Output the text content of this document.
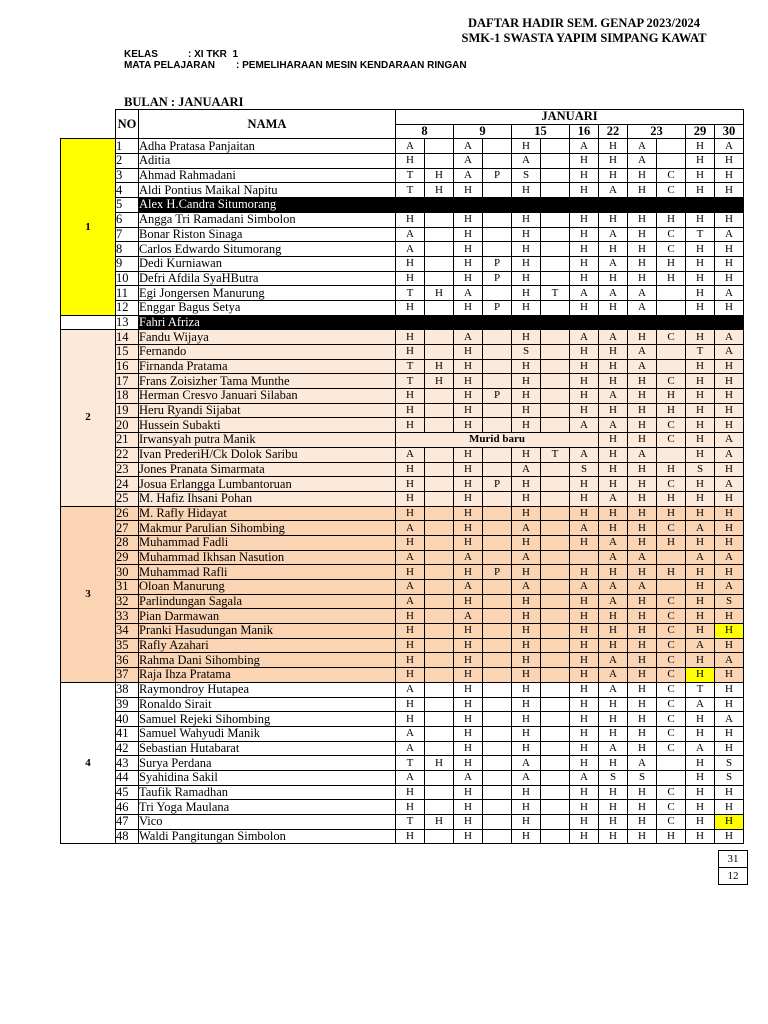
DAFTAR HADIR SEM. GENAP 2023/2024
SMK-1 SWASTA YAPIM SIMPANG KAWAT
KELAS	: XI TKR  1
MATA PELAJARAN : PEMELIHARAAN MESIN KENDARAAN RINGAN
BULAN : JANUAARI
	NO	NAMA	JANUARI											
			8		9		15		16	22	23		29	30
1	1	Adha Pratasa Panjaitan	A		A		H		A	H	A		H	A
	2	Aditia	H		A		A		H	H	A		H	H
	3	Ahmad Rahmadani	T	H	A	P	S		H	H	H	C	H	H
	4	Aldi Pontius Maikal Napitu	T	H	H		H		H	A	H	C	H	H
	5	Alex H.Candra Situmorang												
	6	Angga Tri Ramadani Simbolon	H		H		H		H	H	H	H	H	H
	7	Bonar Riston Sinaga	A		H		H		H	A	H	C	T	A
	8	Carlos Edwardo Situmorang	A		H		H		H	H	H	C	H	H
	9	Dedi Kurniawan	H		H	P	H		H	A	H	H	H	H
	10	Defri Afdila SyaHButra	H		H	P	H		H	H	H	H	H	H
	11	Egi Jongersen Manurung	T	H	A		H	T	A	A	A		H	A
	12	Enggar Bagus Setya	H		H	P	H		H	H	A		H	H
	13	Fahri Afriza												
2	14	Fandu Wijaya	H		A		H		A	A	H	C	H	A
	15	Fernando	H		H		S		H	H	A		T	A
	16	Firnanda Pratama	T	H	H		H		H	H	A		H	H
	17	Frans Zoisizher Tama Munthe	T	H	H		H		H	H	H	C	H	H
	18	Herman Cresvo Januari Silaban	H		H	P	H		H	A	H	H	H	H
	19	Heru Ryandi Sijabat	H		H		H		H	H	H	H	H	H
	20	Hussein Subakti	H		H		H		A	A	H	C	H	H
	21	Irwansyah putra Manik	Murid baru							H	H	C	H	A
	22	Ivan PrederiH/Ck Dolok Saribu	A		H		H	T	A	H	A		H	A
	23	Jones Pranata Simarmata	H		H		A		S	H	H	H	S	H
	24	Josua Erlangga Lumbantoruan	H		H	P	H		H	H	H	C	H	A
	25	M. Hafiz Ihsani Pohan	H		H		H		H	A	H	H	H	H
3	26	M. Rafly Hidayat	H		H		H		H	H	H	H	H	H
	27	Makmur Parulian Sihombing	A		H		A		A	H	H	C	A	H
	28	Muhammad Fadli	H		H		H		H	A	H	H	H	H
	29	Muhammad Ikhsan Nasution	A		A		A			A	A		A	A
	30	Muhammad Rafli	H		H	P	H		H	H	H	H	H	H
	31	Oloan Manurung	A		A		A		A	A	A		H	A
	32	Parlindungan Sagala	A		H		H		H	A	H	C	H	S
	33	Pian Darmawan	H		A		H		H	H	H	C	H	H
	34	Pranki Hasudungan Manik	H		H		H		H	H	H	C	H	H
	35	Rafly Azahari	H		H		H		H	H	H	C	A	H
	36	Rahma Dani Sihombing	H		H		H		H	A	H	C	H	A
	37	Raja Ihza Pratama	H		H		H		H	A	H	C	H	H
4	38	Raymondroy Hutapea	A		H		H		H	A	H	C	T	H
	39	Ronaldo Sirait	H		H		H		H	H	H	C	A	H
	40	Samuel Rejeki Sihombing	H		H		H		H	H	H	C	H	A
	41	Samuel Wahyudi Manik	A		H		H		H	H	H	C	H	H
	42	Sebastian Hutabarat	A		H		H		H	A	H	C	A	H
	43	Surya Perdana	T	H	H		A		H	H	A		H	S
	44	Syahidina Sakil	A		A		A		A	S	S		H	S
	45	Taufik Ramadhan	H		H		H		H	H	H	C	H	H
	46	Tri Yoga Maulana	H		H		H		H	H	H	C	H	H
	47	Vico	T	H	H		H		H	H	H	C	H	H
	48	Waldi Pangitungan Simbolon	H		H		H		H	H	H	H	H	H
31
12
